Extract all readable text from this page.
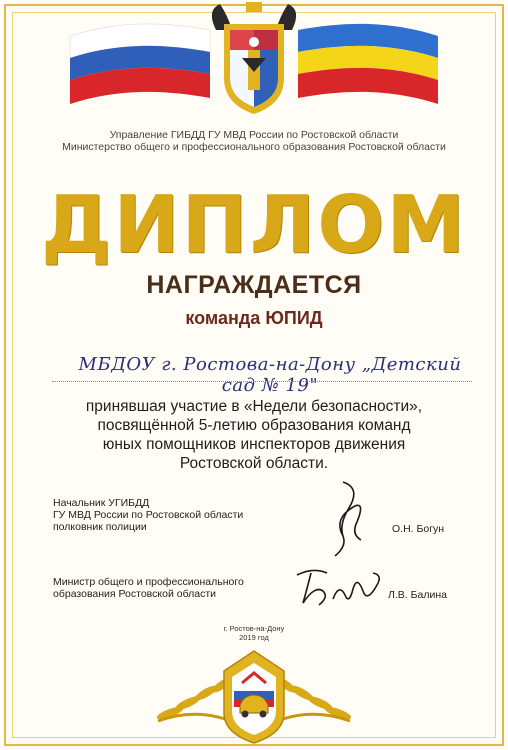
Управление ГИБДД ГУ МВД России по Ростовской области
Министерство общего и профессионального образования Ростовской области
ДИПЛОМ
НАГРАЖДАЕТСЯ
команда ЮПИД
МБДОУ г. Ростова-на-Дону „Детский сад № 19"
принявшая участие в «Недели безопасности»,
посвящённой 5-летию образования команд
юных помощников инспекторов движения
Ростовской области.
Начальник УГИБДД
ГУ МВД России по Ростовской области
полковник полиции	О.Н. Богун
Министр общего и профессионального
образования Ростовской области	Л.В. Балина
г. Ростов-на-Дону
2019 год
